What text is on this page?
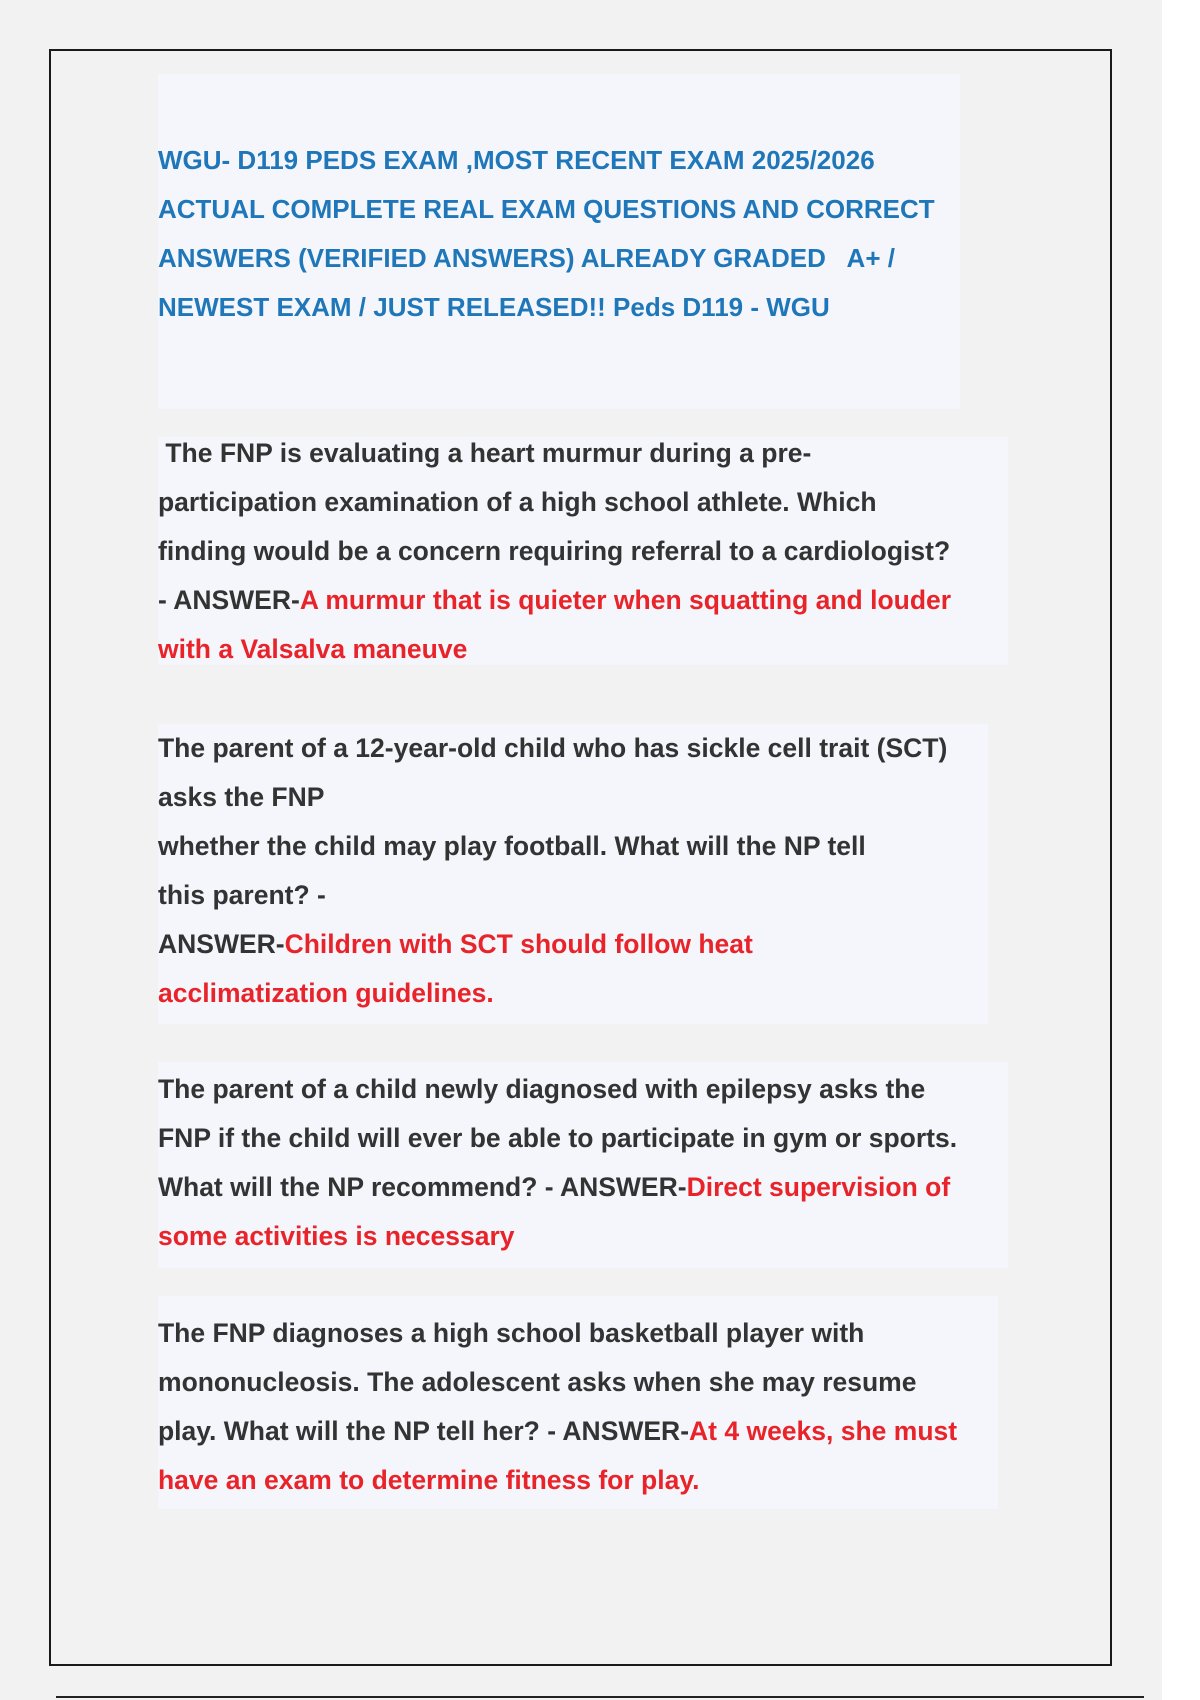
WGU- D119 PEDS EXAM ,MOST RECENT EXAM 2025/2026
ACTUAL COMPLETE REAL EXAM QUESTIONS AND CORRECT
ANSWERS (VERIFIED ANSWERS) ALREADY GRADED   A+ /
NEWEST EXAM / JUST RELEASED!! Peds D119 - WGU
The FNP is evaluating a heart murmur during a pre-
participation examination of a high school athlete. Which
finding would be a concern requiring referral to a cardiologist?
- ANSWER-A murmur that is quieter when squatting and louder
with a Valsalva maneuve
The parent of a 12-year-old child who has sickle cell trait (SCT)
asks the FNP
whether the child may play football. What will the NP tell
this parent? -
ANSWER-Children with SCT should follow heat
acclimatization guidelines.
The parent of a child newly diagnosed with epilepsy asks the
FNP if the child will ever be able to participate in gym or sports.
What will the NP recommend? - ANSWER-Direct supervision of
some activities is necessary
The FNP diagnoses a high school basketball player with
mononucleosis. The adolescent asks when she may resume
play. What will the NP tell her? - ANSWER-At 4 weeks, she must
have an exam to determine fitness for play.
